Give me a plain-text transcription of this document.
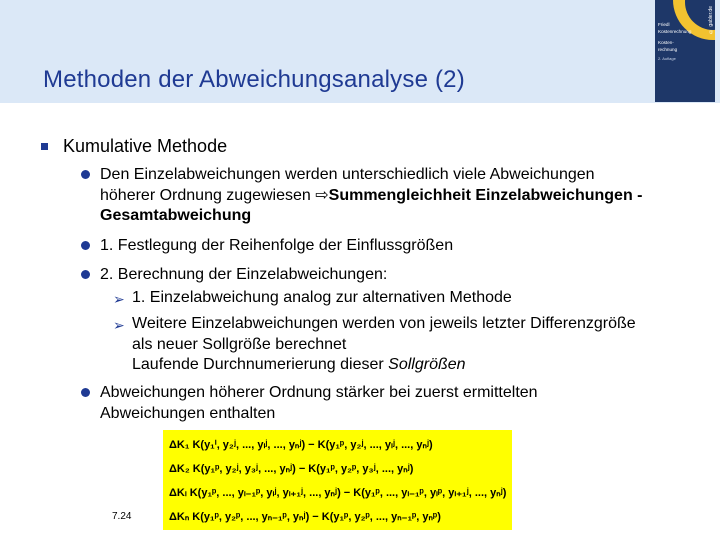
Methoden der Abweichungsanalyse (2)
© gabler.de
Friedl
Kostenrechnung
Kosten-
rechnung
2. Auflage
Kumulative Methode
Den Einzelabweichungen werden unterschiedlich viele Abweichungen
höherer Ordnung zugewiesen ⇨Summengleichheit Einzelabweichungen -
Gesamtabweichung
1. Festlegung der Reihenfolge der Einflussgrößen
2. Berechnung der Einzelabweichungen:
➢ 1. Einzelabweichung analog zur alternativen Methode
➢ Weitere Einzelabweichungen werden von jeweils letzter Differenzgröße
als neuer Sollgröße berechnet
Laufende Durchnumerierung dieser Sollgrößen
Abweichungen höherer Ordnung stärker bei zuerst ermittelten
Abweichungen enthalten
ΔK₁ K(y₁ⁱ, y₂ʲ, ..., yₗʲ, ..., yₙʲ) − K(y₁ᵖ, y₂ʲ, ..., yₗʲ, ..., yₙʲ)
ΔK₂ K(y₁ᵖ, y₂ʲ, y₃ʲ, ..., yₙʲ) − K(y₁ᵖ, y₂ᵖ, y₃ʲ, ..., yₙʲ)
ΔKₗ K(y₁ᵖ, ..., yₗ₋₁ᵖ, yₗʲ, yₗ₊₁ʲ, ..., yₙʲ) − K(y₁ᵖ, ..., yₗ₋₁ᵖ, yₗᵖ, yₗ₊₁ʲ, ..., yₙʲ)
ΔKₙ K(y₁ᵖ, y₂ᵖ, ..., yₙ₋₁ᵖ, yₙʲ) − K(y₁ᵖ, y₂ᵖ, ..., yₙ₋₁ᵖ, yₙᵖ)
7.24
